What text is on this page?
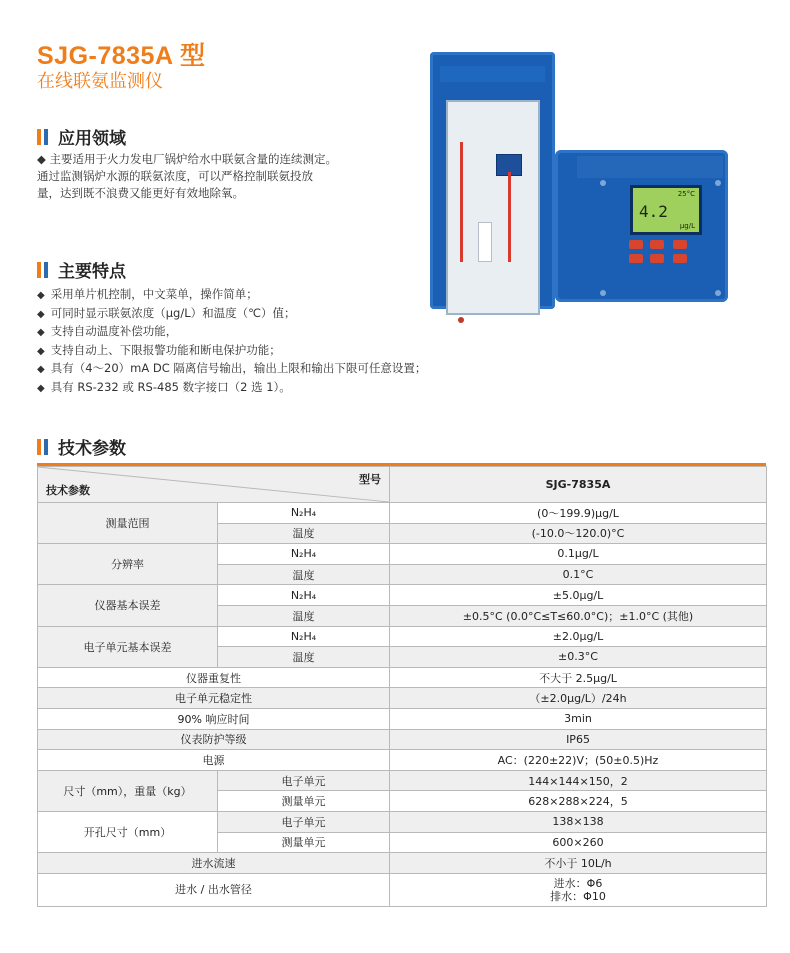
SJG-7835A 型
在线联氨监测仪
应用领域
◆ 主要适用于火力发电厂锅炉给水中联氨含量的连续测定。
通过监测锅炉水源的联氨浓度，可以严格控制联氨投放
量，达到既不浪费又能更好有效地除氧。
主要特点
◆ 采用单片机控制，中文菜单，操作简单；
◆ 可同时显示联氨浓度（μg/L）和温度（℃）值；
◆ 支持自动温度补偿功能，
◆ 支持自动上、下限报警功能和断电保护功能；
◆ 具有（4～20）mA DC 隔离信号输出，输出上限和输出下限可任意设置；
◆ 具有 RS-232 或 RS-485 数字接口（2 选 1）。
25°C
4.2
μg/L
技术参数
型号
技术参数		SJG-7835A
测量范围	N₂H₄	(0～199.9)μg/L
	温度	(-10.0～120.0)°C
分辨率	N₂H₄	0.1μg/L
	温度	0.1°C
仪器基本误差	N₂H₄	±5.0μg/L
	温度	±0.5°C (0.0°C≤T≤60.0°C)；±1.0°C (其他)
电子单元基本误差	N₂H₄	±2.0μg/L
	温度	±0.3°C
仪器重复性		不大于 2.5μg/L
电子单元稳定性		（±2.0μg/L）/24h
90% 响应时间		3min
仪表防护等级		IP65
电源		AC：(220±22)V；(50±0.5)Hz
尺寸（mm），重量（kg）	电子单元	144×144×150，2
	测量单元	628×288×224，5
开孔尺寸（mm）	电子单元	138×138
	测量单元	600×260
进水流速		不小于 10L/h
进水 / 出水管径		进水：Φ6
排水：Φ10
